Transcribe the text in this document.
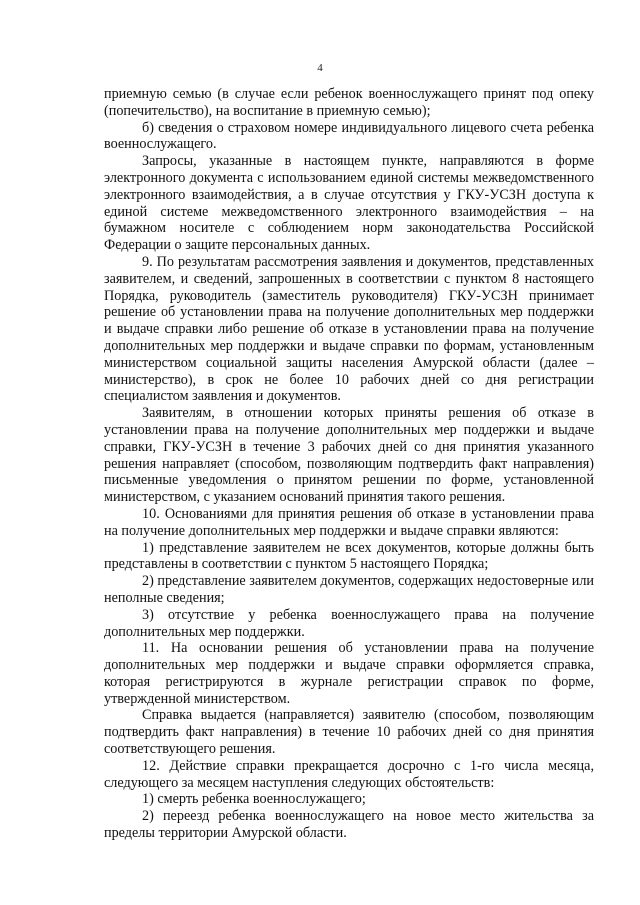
4

приемную семью (в случае если ребенок военнослужащего принят под опеку (попечительство), на воспитание в приемную семью);

б) сведения о страховом номере индивидуального лицевого счета ребенка военнослужащего.

Запросы, указанные в настоящем пункте, направляются в форме электронного документа с использованием единой системы межведомственного электронного взаимодействия, а в случае отсутствия у ГКУ-УСЗН доступа к единой системе межведомственного электронного взаимодействия – на бумажном носителе с соблюдением норм законодательства Российской Федерации о защите персональных данных.

9. По результатам рассмотрения заявления и документов, представленных заявителем, и сведений, запрошенных в соответствии с пунктом 8 настоящего Порядка, руководитель (заместитель руководителя) ГКУ-УСЗН принимает решение об установлении права на получение дополнительных мер поддержки и выдаче справки либо решение об отказе в установлении права на получение дополнительных мер поддержки и выдаче справки по формам, установленным министерством социальной защиты населения Амурской области (далее – министерство), в срок не более 10 рабочих дней со дня регистрации специалистом заявления и документов.

Заявителям, в отношении которых приняты решения об отказе в установлении права на получение дополнительных мер поддержки и выдаче справки, ГКУ-УСЗН в течение 3 рабочих дней со дня принятия указанного решения направляет (способом, позволяющим подтвердить факт направления) письменные уведомления о принятом решении по форме, установленной министерством, с указанием оснований принятия такого решения.

10. Основаниями для принятия решения об отказе в установлении права на получение дополнительных мер поддержки и выдаче справки являются:

1) представление заявителем не всех документов, которые должны быть представлены в соответствии с пунктом 5 настоящего Порядка;

2) представление заявителем документов, содержащих недостоверные или неполные сведения;

3) отсутствие у ребенка военнослужащего права на получение дополнительных мер поддержки.

11. На основании решения об установлении права на получение дополнительных мер поддержки и выдаче справки оформляется справка, которая регистрируются в журнале регистрации справок по форме, утвержденной министерством.

Справка выдается (направляется) заявителю (способом, позволяющим подтвердить факт направления) в течение 10 рабочих дней со дня принятия соответствующего решения.

12. Действие справки прекращается досрочно с 1-го числа месяца, следующего за месяцем наступления следующих обстоятельств:

1) смерть ребенка военнослужащего;

2) переезд ребенка военнослужащего на новое место жительства за пределы территории Амурской области.
